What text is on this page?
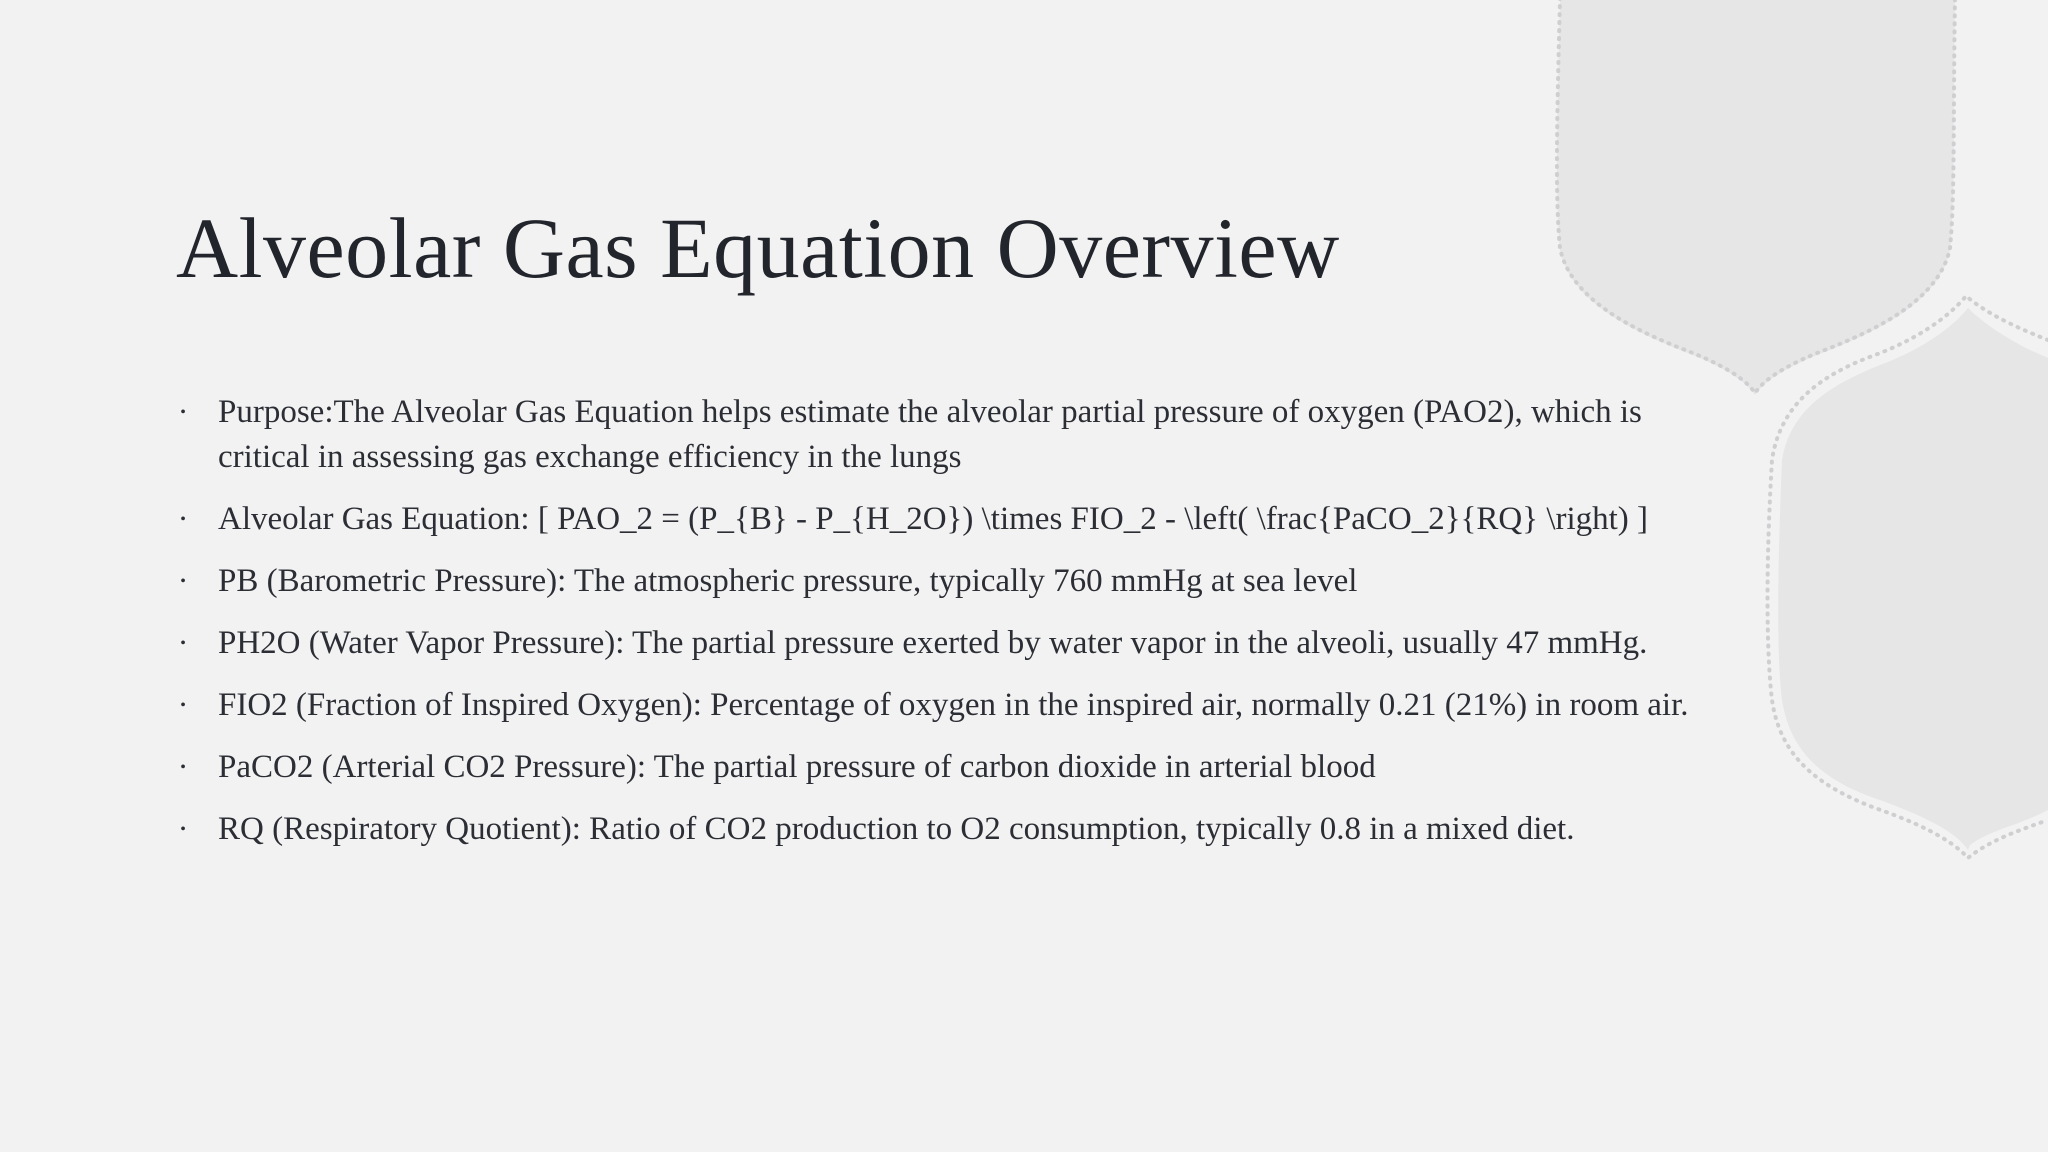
Alveolar Gas Equation Overview
• Purpose:The Alveolar Gas Equation helps estimate the alveolar partial pressure of oxygen (PAO2), which is critical in assessing gas exchange efficiency in the lungs
• Alveolar Gas Equation: [ PAO_2 = (P_{B} - P_{H_2O}) \times FIO_2 - \left( \frac{PaCO_2}{RQ} \right) ]
• PB (Barometric Pressure): The atmospheric pressure, typically 760 mmHg at sea level
• PH2O (Water Vapor Pressure): The partial pressure exerted by water vapor in the alveoli, usually 47 mmHg.
• FIO2 (Fraction of Inspired Oxygen): Percentage of oxygen in the inspired air, normally 0.21 (21%) in room air.
• PaCO2 (Arterial CO2 Pressure): The partial pressure of carbon dioxide in arterial blood
• RQ (Respiratory Quotient): Ratio of CO2 production to O2 consumption, typically 0.8 in a mixed diet.
